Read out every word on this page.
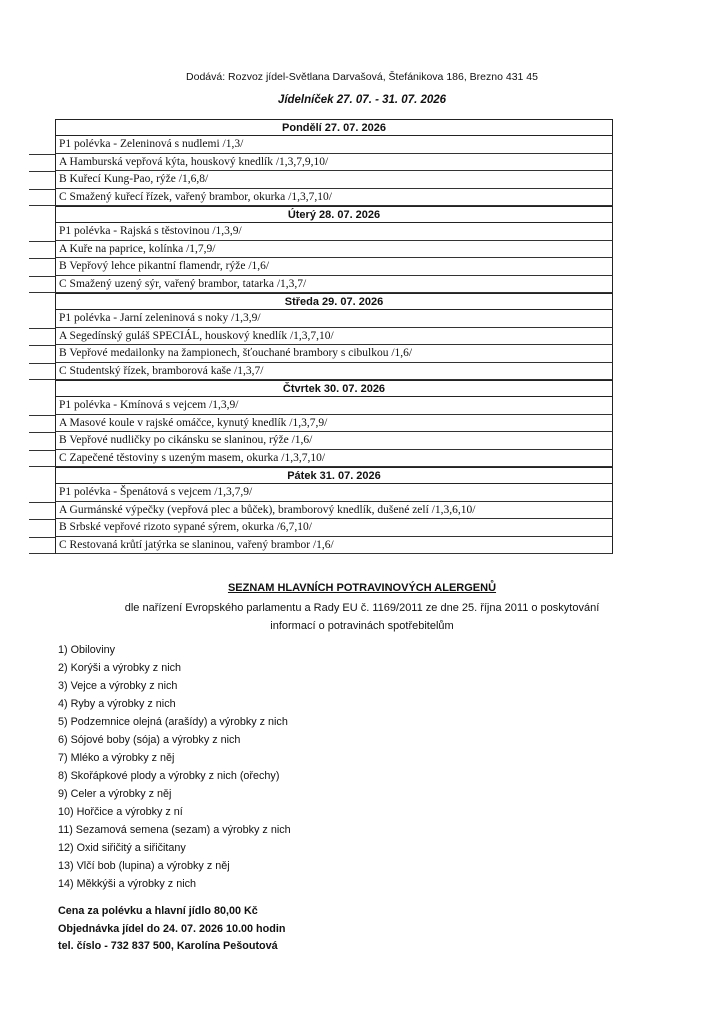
Dodává: Rozvoz jídel-Světlana Darvašová, Štefánikova 186, Brezno 431 45
Jídelníček 27. 07. - 31. 07. 2026
Pondělí 27. 07. 2026
P1 polévka - Zeleninová s nudlemi /1,3/
A Hamburská vepřová kýta, houskový knedlík /1,3,7,9,10/
B Kuřecí Kung-Pao, rýže /1,6,8/
C Smažený kuřecí řízek, vařený brambor, okurka /1,3,7,10/
Úterý 28. 07. 2026
P1 polévka - Rajská s těstovinou /1,3,9/
A Kuře na paprice, kolínka /1,7,9/
B Vepřový lehce pikantní flamendr, rýže /1,6/
C Smažený uzený sýr, vařený brambor, tatarka /1,3,7/
Středa 29. 07. 2026
P1 polévka - Jarní zeleninová s noky /1,3,9/
A Segedínský guláš SPECIÁL, houskový knedlík /1,3,7,10/
B Vepřové medailonky na žampionech, šťouchané brambory s cibulkou /1,6/
C Studentský řízek, bramborová kaše /1,3,7/
Čtvrtek 30. 07. 2026
P1 polévka - Kmínová s vejcem /1,3,9/
A Masové koule v rajské omáčce, kynutý knedlík /1,3,7,9/
B Vepřové nudličky po cikánsku se slaninou, rýže /1,6/
C Zapečené těstoviny s uzeným masem, okurka /1,3,7,10/
Pátek 31. 07. 2026
P1 polévka - Špenátová s vejcem /1,3,7,9/
A Gurmánské výpečky (vepřová plec a bůček), bramborový knedlík, dušené zelí /1,3,6,10/
B Srbské vepřové rizoto sypané sýrem, okurka /6,7,10/
C Restovaná krůtí jatýrka se slaninou, vařený brambor /1,6/
SEZNAM HLAVNÍCH POTRAVINOVÝCH ALERGENŮ
dle nařízení Evropského parlamentu a Rady EU č. 1169/2011 ze dne 25. října 2011 o poskytování
informací o potravinách spotřebitelům
1) Obiloviny
2) Korýši a výrobky z nich
3) Vejce a výrobky z nich
4) Ryby a výrobky z nich
5) Podzemnice olejná (arašídy) a výrobky z nich
6) Sójové boby (sója) a výrobky z nich
7) Mléko a výrobky z něj
8) Skořápkové plody a výrobky z nich (ořechy)
9) Celer a výrobky z něj
10) Hořčice a výrobky z ní
11) Sezamová semena (sezam) a výrobky z nich
12) Oxid siřičitý a siřičitany
13) Vlčí bob (lupina) a výrobky z něj
14) Měkkýši a výrobky z nich
Cena za polévku a hlavní jídlo 80,00 Kč
Objednávka jídel do 24. 07. 2026 10.00 hodin
tel. číslo - 732 837 500, Karolína Pešoutová
